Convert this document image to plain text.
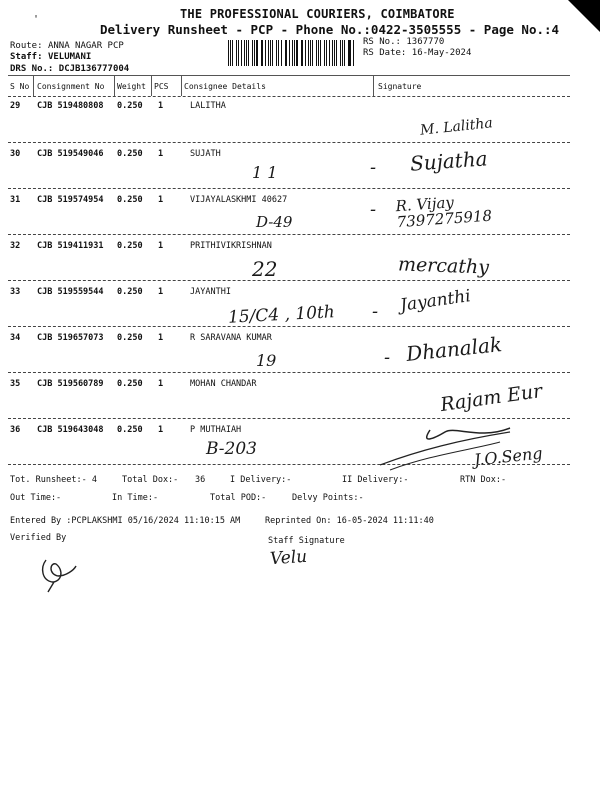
'	THE PROFESSIONAL COURIERS, COIMBATORE
Delivery Runsheet - PCP - Phone No.:0422-3505555 - Page No.:4
Route: ANNA NAGAR PCP
Staff: VELUMANI
DRS No.: DCJB136777004
RS No.: 1367770
RS Date: 16-May-2024
S No Consignment No Weight PCS Consignee Details	Signature
29 CJB 519480808 0.250 1	LALITHA
M. Lalitha
30 CJB 519549046 0.250 1	SUJATH
1 1	- Sujatha
31 CJB 519574954 0.250 1	VIJAYALASKHMI 40627
D-49
- R. Vijay 7397275918
32 CJB 519411931 0.250 1	PRITHIVIKRISHNAN
22	mercathy
33 CJB 519559544 0.250 1	JAYANTHI
15/C4 , 10th - Jayanthi
34 CJB 519657073 0.250 1	R SARAVANA KUMAR
19	- Dhanalak
35 CJB 519560789 0.250 1	MOHAN CHANDAR	Rajam Eur
36 CJB 519643048 0.250 1	P MUTHAIAH
B-203	J.O.Seng
Tot. Runsheet:- 4	Total Dox:- 36	I Delivery:-	II Delivery:-	RTN Dox:-
Out Time:-	In Time:-	Total POD:-	Delvy Points:-
Entered By :PCPLAKSHMI 05/16/2024 11:10:15 AM	Reprinted On: 16-05-2024 11:11:40
Verified By	Staff Signature
Velu
